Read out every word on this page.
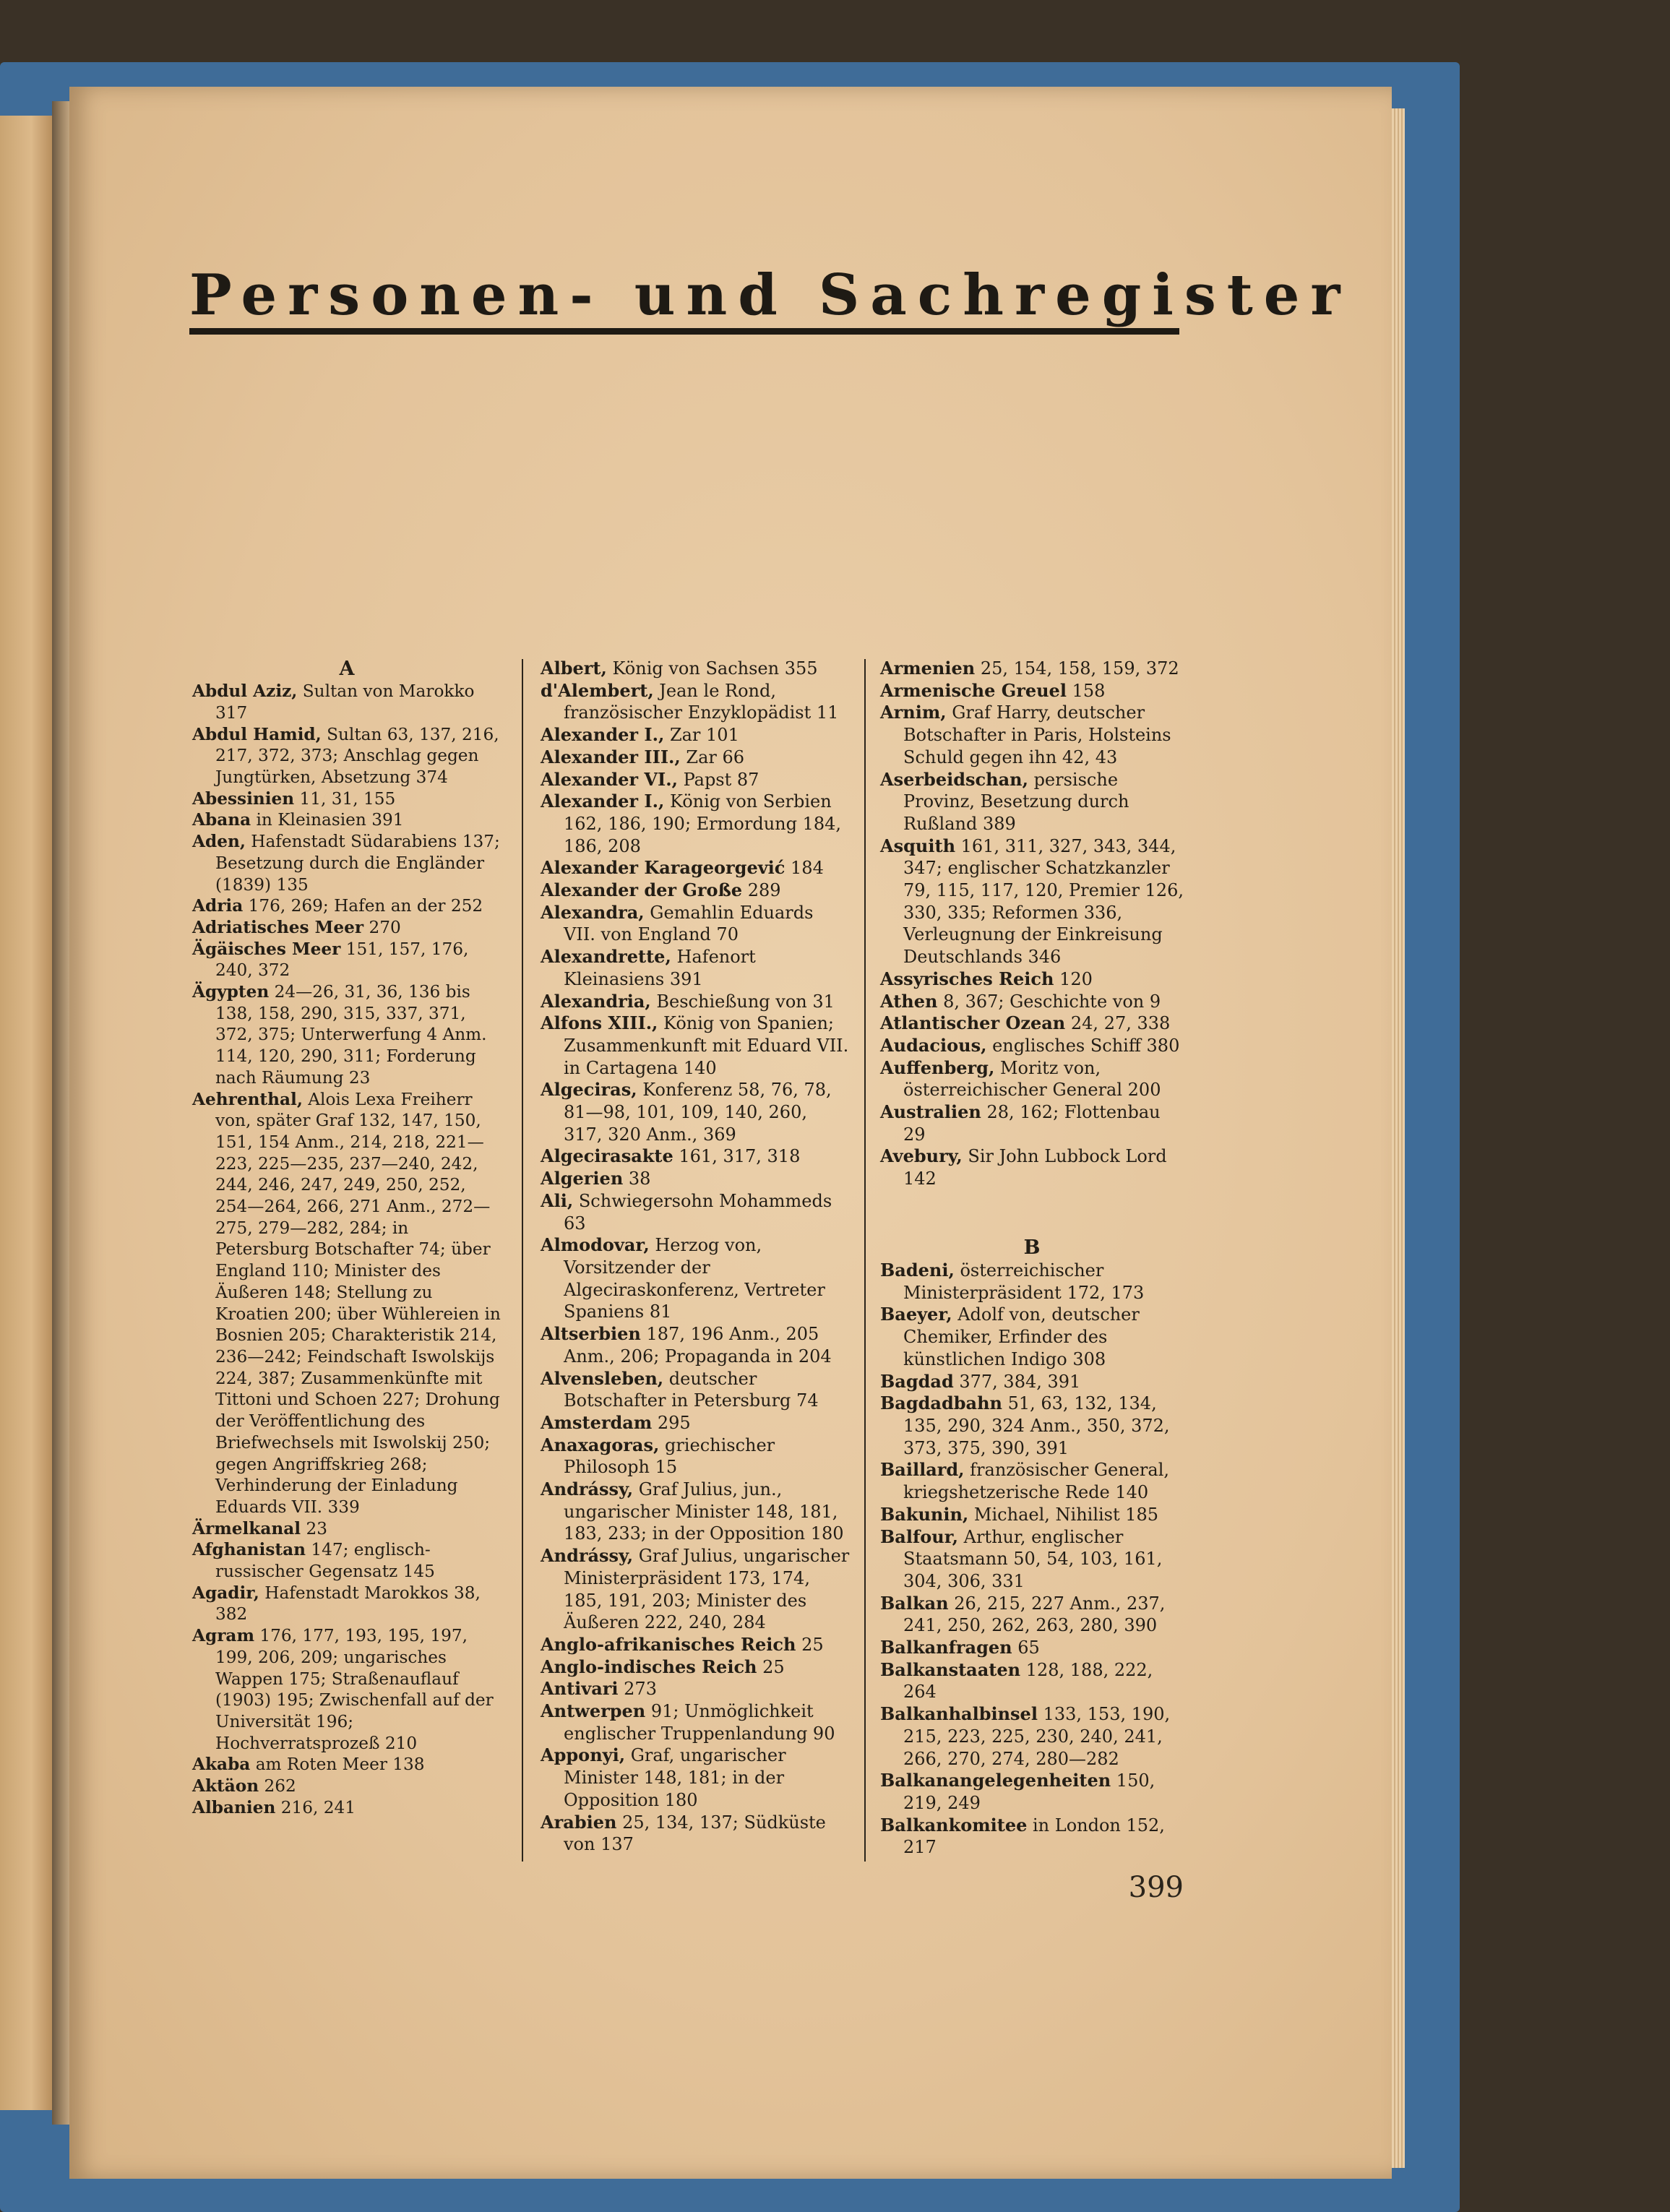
Personen- und Sachregister
A
Abdul Aziz, Sultan von Marokko 317
Abdul Hamid, Sultan 63, 137, 216, 217, 372, 373; Anschlag gegen Jungtürken, Absetzung 374
Abessinien 11, 31, 155
Abana in Kleinasien 391
Aden, Hafenstadt Südarabiens 137; Besetzung durch die Engländer (1839) 135
Adria 176, 269; Hafen an der 252
Adriatisches Meer 270
Ägäisches Meer 151, 157, 176, 240, 372
Ägypten 24—26, 31, 36, 136 bis 138, 158, 290, 315, 337, 371, 372, 375; Unterwerfung 4 Anm. 114, 120, 290, 311; Forderung nach Räumung 23
Aehrenthal, Alois Lexa Freiherr von, später Graf 132, 147, 150, 151, 154 Anm., 214, 218, 221—223, 225—235, 237—240, 242, 244, 246, 247, 249, 250, 252, 254—264, 266, 271 Anm., 272—275, 279—282, 284; in Petersburg Botschafter 74; über England 110; Minister des Äußeren 148; Stellung zu Kroatien 200; über Wühlereien in Bosnien 205; Charakteristik 214, 236—242; Feindschaft Iswolskijs 224, 387; Zusammenkünfte mit Tittoni und Schoen 227; Drohung der Veröffentlichung des Briefwechsels mit Iswolskij 250; gegen Angriffskrieg 268; Verhinderung der Einladung Eduards VII. 339
Ärmelkanal 23
Afghanistan 147; englisch-russischer Gegensatz 145
Agadir, Hafenstadt Marokkos 38, 382
Agram 176, 177, 193, 195, 197, 199, 206, 209; ungarisches Wappen 175; Straßenauflauf (1903) 195; Zwischenfall auf der Universität 196; Hochverratsprozeß 210
Akaba am Roten Meer 138
Aktäon 262
Albanien 216, 241
Albert, König von Sachsen 355
d'Alembert, Jean le Rond, französischer Enzyklopädist 11
Alexander I., Zar 101
Alexander III., Zar 66
Alexander VI., Papst 87
Alexander I., König von Serbien 162, 186, 190; Ermordung 184, 186, 208
Alexander Karageorgević 184
Alexander der Große 289
Alexandra, Gemahlin Eduards VII. von England 70
Alexandrette, Hafenort Kleinasiens 391
Alexandria, Beschießung von 31
Alfons XIII., König von Spanien; Zusammenkunft mit Eduard VII. in Cartagena 140
Algeciras, Konferenz 58, 76, 78, 81—98, 101, 109, 140, 260, 317, 320 Anm., 369
Algecirasakte 161, 317, 318
Algerien 38
Ali, Schwiegersohn Mohammeds 63
Almodovar, Herzog von, Vorsitzender der Algeciraskonferenz, Vertreter Spaniens 81
Altserbien 187, 196 Anm., 205 Anm., 206; Propaganda in 204
Alvensleben, deutscher Botschafter in Petersburg 74
Amsterdam 295
Anaxagoras, griechischer Philosoph 15
Andrássy, Graf Julius, jun., ungarischer Minister 148, 181, 183, 233; in der Opposition 180
Andrássy, Graf Julius, ungarischer Ministerpräsident 173, 174, 185, 191, 203; Minister des Äußeren 222, 240, 284
Anglo-afrikanisches Reich 25
Anglo-indisches Reich 25
Antivari 273
Antwerpen 91; Unmöglichkeit englischer Truppenlandung 90
Apponyi, Graf, ungarischer Minister 148, 181; in der Opposition 180
Arabien 25, 134, 137; Südküste von 137
Armenien 25, 154, 158, 159, 372
Armenische Greuel 158
Arnim, Graf Harry, deutscher Botschafter in Paris, Holsteins Schuld gegen ihn 42, 43
Aserbeidschan, persische Provinz, Besetzung durch Rußland 389
Asquith 161, 311, 327, 343, 344, 347; englischer Schatzkanzler 79, 115, 117, 120, Premier 126, 330, 335; Reformen 336, Verleugnung der Einkreisung Deutschlands 346
Assyrisches Reich 120
Athen 8, 367; Geschichte von 9
Atlantischer Ozean 24, 27, 338
Audacious, englisches Schiff 380
Auffenberg, Moritz von, österreichischer General 200
Australien 28, 162; Flottenbau 29
Avebury, Sir John Lubbock Lord 142
B
Badeni, österreichischer Ministerpräsident 172, 173
Baeyer, Adolf von, deutscher Chemiker, Erfinder des künstlichen Indigo 308
Bagdad 377, 384, 391
Bagdadbahn 51, 63, 132, 134, 135, 290, 324 Anm., 350, 372, 373, 375, 390, 391
Baillard, französischer General, kriegshetzerische Rede 140
Bakunin, Michael, Nihilist 185
Balfour, Arthur, englischer Staatsmann 50, 54, 103, 161, 304, 306, 331
Balkan 26, 215, 227 Anm., 237, 241, 250, 262, 263, 280, 390
Balkanfragen 65
Balkanstaaten 128, 188, 222, 264
Balkanhalbinsel 133, 153, 190, 215, 223, 225, 230, 240, 241, 266, 270, 274, 280—282
Balkanangelegenheiten 150, 219, 249
Balkankomitee in London 152, 217
399
